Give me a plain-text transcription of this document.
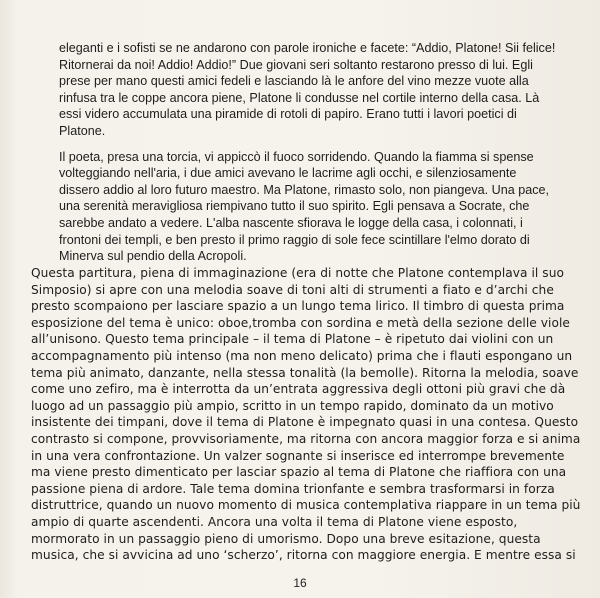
eleganti e i sofisti se ne andarono con parole ironiche e facete: “Addio, Platone! Sii felice!
Ritornerai da noi! Addio! Addio!” Due giovani seri soltanto restarono presso di lui. Egli
prese per mano questi amici fedeli e lasciando là le anfore del vino mezze vuote alla
rinfusa tra le coppe ancora piene, Platone li condusse nel cortile interno della casa. Là
essi videro accumulata una piramide di rotoli di papiro. Erano tutti i lavori poetici di
Platone.

Il poeta, presa una torcia, vi appiccò il fuoco sorridendo. Quando la fiamma si spense
volteggiando nell'aria, i due amici avevano le lacrime agli occhi, e silenziosamente
dissero addio al loro futuro maestro. Ma Platone, rimasto solo, non piangeva. Una pace,
una serenità meravigliosa riempivano tutto il suo spirito. Egli pensava a Socrate, che
sarebbe andato a vedere. L'alba nascente sfiorava le logge della casa, i colonnati, i
frontoni dei templi, e ben presto il primo raggio di sole fece scintillare l'elmo dorato di
Minerva sul pendio della Acropoli.

Questa partitura, piena di immaginazione (era di notte che Platone contemplava il suo
Simposio) si apre con una melodia soave di toni alti di strumenti a fiato e d’archi che
presto scompaiono per lasciare spazio a un lungo tema lirico. Il timbro di questa prima
esposizione del tema è unico: oboe,tromba con sordina e metà della sezione delle viole
all’unisono. Questo tema principale – il tema di Platone – è ripetuto dai violini con un
accompagnamento più intenso (ma non meno delicato) prima che i flauti espongano un
tema più animato, danzante, nella stessa tonalità (la bemolle). Ritorna la melodia, soave
come uno zefiro, ma è interrotta da un’entrata aggressiva degli ottoni più gravi che dà
luogo ad un passaggio più ampio, scritto in un tempo rapido, dominato da un motivo
insistente dei timpani, dove il tema di Platone è impegnato quasi in una contesa. Questo
contrasto si compone, provvisoriamente, ma ritorna con ancora maggior forza e si anima
in una vera confrontazione. Un valzer sognante si inserisce ed interrompe brevemente
ma viene presto dimenticato per lasciar spazio al tema di Platone che riaffiora con una
passione piena di ardore. Tale tema domina trionfante e sembra trasformarsi in forza
distruttrice, quando un nuovo momento di musica contemplativa riappare in un tema più
ampio di quarte ascendenti. Ancora una volta il tema di Platone viene esposto,
mormorato in un passaggio pieno di umorismo. Dopo una breve esitazione, questa
musica, che si avvicina ad uno ‘scherzo’, ritorna con maggiore energia. E mentre essa si

16
